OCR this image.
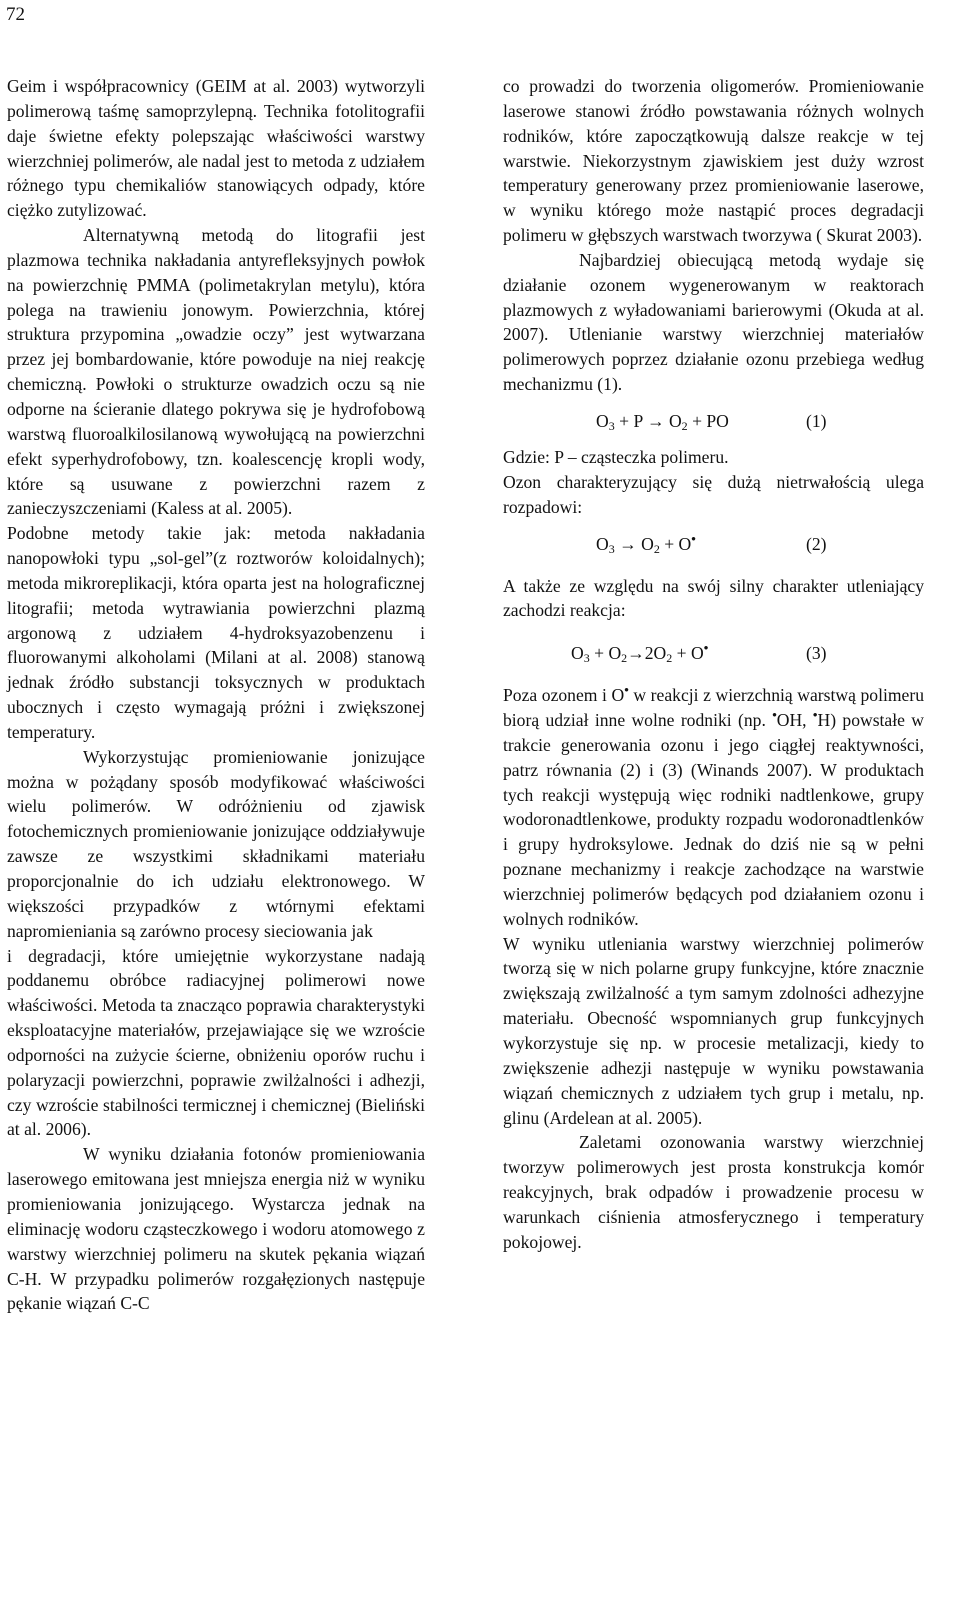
72

Geim i współpracownicy (GEIM at al. 2003) wytworzyli polimerową taśmę samoprzylepną. Technika fotolitografii daje świetne efekty polepszając właściwości warstwy wierzchniej polimerów, ale nadal jest to metoda z udziałem różnego typu chemikaliów stanowiących odpady, które ciężko zutylizować.

Alternatywną metodą do litografii jest plazmowa technika nakładania antyrefleksyjnych powłok na powierzchnię PMMA (polimetakrylan metylu), która polega na trawieniu jonowym. Powierzchnia, której struktura przypomina „owadzie oczy” jest wytwarzana przez jej bombardowanie, które powoduje na niej reakcję chemiczną. Powłoki o strukturze owadzich oczu są nie odporne na ścieranie dlatego pokrywa się je hydrofobową warstwą fluoroalkilosilanową wywołującą na powierzchni efekt syperhydrofobowy, tzn. koalescencję kropli wody, które są usuwane z powierzchni razem z zanieczyszczeniami (Kaless at al. 2005).

Podobne metody takie jak: metoda nakładania nanopowłoki typu „sol-gel”(z roztworów koloidalnych); metoda mikroreplikacji, która oparta jest na holograficznej litografii; metoda wytrawiania powierzchni plazmą argonową z udziałem 4-hydroksyazobenzenu i fluorowanymi alkoholami (Milani at al. 2008) stanową jednak źródło substancji toksycznych w produktach ubocznych i często wymagają próżni i zwiększonej temperatury.

Wykorzystując promieniowanie jonizujące można w pożądany sposób modyfikować właściwości wielu polimerów. W odróżnieniu od zjawisk fotochemicznych promieniowanie jonizujące oddziaływuje zawsze ze wszystkimi składnikami materiału proporcjonalnie do ich udziału elektronowego. W większości przypadków z wtórnymi efektami napromieniania są zarówno procesy sieciowania jak

i degradacji, które umiejętnie wykorzystane nadają poddanemu obróbce radiacyjnej polimerowi nowe właściwości. Metoda ta znacząco poprawia charakterystyki eksploatacyjne materiałów, przejawiające się we wzroście odporności na zużycie ścierne, obniżeniu oporów ruchu i polaryzacji powierzchni, poprawie zwilżalności i adhezji, czy wzroście stabilności termicznej i chemicznej (Bieliński at al. 2006).

W wyniku działania fotonów promieniowania laserowego emitowana jest mniejsza energia niż w wyniku promieniowania jonizującego. Wystarcza jednak na eliminację wodoru cząsteczkowego i wodoru atomowego z warstwy wierzchniej polimeru na skutek pękania wiązań C-H. W przypadku polimerów rozgałęzionych następuje pękanie wiązań C-C

co prowadzi do tworzenia oligomerów. Promieniowanie laserowe stanowi źródło powstawania różnych wolnych rodników, które zapoczątkowują dalsze reakcje w tej warstwie. Niekorzystnym zjawiskiem jest duży wzrost temperatury generowany przez promieniowanie laserowe, w wyniku którego może nastąpić proces degradacji polimeru w głębszych warstwach tworzywa ( Skurat 2003).

Najbardziej obiecującą metodą wydaje się działanie ozonem wygenerowanym w reaktorach plazmowych z wyładowaniami barierowymi (Okuda at al. 2007). Utlenianie warstwy wierzchniej materiałów polimerowych poprzez działanie ozonu przebiega według mechanizmu (1).

$O_3 + P \to O_2$ + PO	(1)

Gdzie: P – cząsteczka polimeru.

Ozon charakteryzujący się dużą nietrwałością ulega rozpadowi:

$O_3 \to O_2 + O^•$	(2)

A także ze względu na swój silny charakter utleniający zachodzi reakcja:

$O_3 + O_2\to 2O_2 + O^•$	(3)

Poza ozonem i O• w reakcji z wierzchnią warstwą polimeru biorą udział inne wolne rodniki (np. •OH, •H) powstałe w trakcie generowania ozonu i jego ciągłej reaktywności, patrz równania (2) i (3) (Winands 2007). W produktach tych reakcji występują więc rodniki nadtlenkowe, grupy wodoronadtlenkowe, produkty rozpadu wodoronadtlenków i grupy hydroksylowe. Jednak do dziś nie są w pełni poznane mechanizmy i reakcje zachodzące na warstwie wierzchniej polimerów będących pod działaniem ozonu i wolnych rodników.

W wyniku utleniania warstwy wierzchniej polimerów tworzą się w nich polarne grupy funkcyjne, które znacznie zwiększają zwilżalność a tym samym zdolności adhezyjne materiału. Obecność wspomnianych grup funkcyjnych wykorzystuje się np. w procesie metalizacji, kiedy to zwiększenie adhezji następuje w wyniku powstawania wiązań chemicznych z udziałem tych grup i metalu, np. glinu (Ardelean at al. 2005).

Zaletami ozonowania warstwy wierzchniej tworzyw polimerowych jest prosta konstrukcja komór reakcyjnych, brak odpadów i prowadzenie procesu w warunkach ciśnienia atmosferycznego i temperatury pokojowej.
